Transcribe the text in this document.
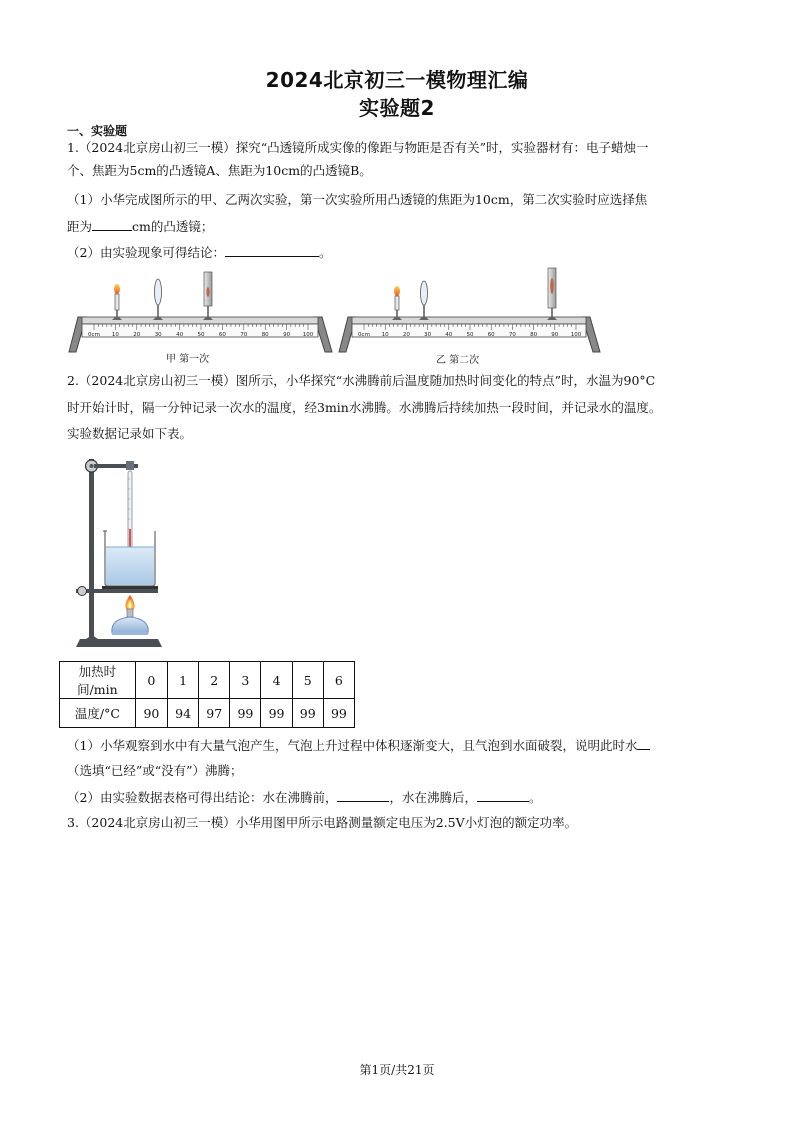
2024北京初三一模物理汇编
实验题2
一、实验题
1.（2024北京房山初三一模）探究“凸透镜所成实像的像距与物距是否有关”时，实验器材有：电子蜡烛一
个、焦距为5cm的凸透镜A、焦距为10cm的凸透镜B。
（1）小华完成图所示的甲、乙两次实验，第一次实验所用凸透镜的焦距为10cm，第二次实验时应选择焦
距为	cm的凸透镜；
（2）由实验现象可得结论：	。
0cm 10	20	30	40	50	60	70	80	90 100	0cm 10	20	30	40	50	60	70	80	90 100
甲 第一次	乙 第二次
2.（2024北京房山初三一模）图所示，小华探究“水沸腾前后温度随加热时间变化的特点”时，水温为90°C
时开始计时，隔一分钟记录一次水的温度，经3min水沸腾。水沸腾后持续加热一段时间，并记录水的温度。
实验数据记录如下表。
加热时间/min	0	1	2	3	4	5	6
温度/°C	90	94	97	99	99	99	99
（1）小华观察到水中有大量气泡产生，气泡上升过程中体积逐渐变大，且气泡到水面破裂，说明此时水
（选填“已经”或“没有”）沸腾；
（2）由实验数据表格可得出结论：水在沸腾前，	，水在沸腾后，	。
3.（2024北京房山初三一模）小华用图甲所示电路测量额定电压为2.5V小灯泡的额定功率。
第1页/共21页
